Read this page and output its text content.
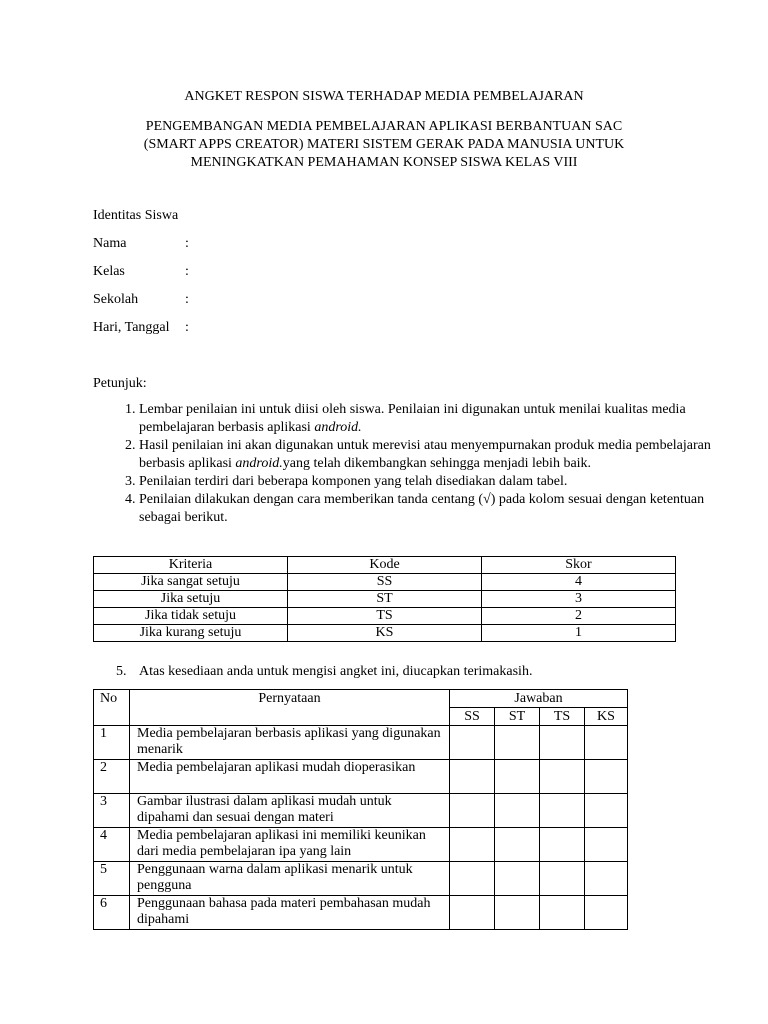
ANGKET RESPON SISWA TERHADAP MEDIA PEMBELAJARAN
PENGEMBANGAN MEDIA PEMBELAJARAN APLIKASI BERBANTUAN SAC
(SMART APPS CREATOR) MATERI SISTEM GERAK PADA MANUSIA UNTUK
MENINGKATKAN PEMAHAMAN KONSEP SISWA KELAS VIII
Identitas Siswa
Nama	:
Kelas	:
Sekolah	:
Hari, Tanggal :
Petunjuk:
1. Lembar penilaian ini untuk diisi oleh siswa. Penilaian ini digunakan untuk menilai kualitas media pembelajaran berbasis aplikasi android.
2. Hasil penilaian ini akan digunakan untuk merevisi atau menyempurnakan produk media pembelajaran berbasis aplikasi android.yang telah dikembangkan sehingga menjadi lebih baik.
3. Penilaian terdiri dari beberapa komponen yang telah disediakan dalam tabel.
4. Penilaian dilakukan dengan cara memberikan tanda centang (√) pada kolom sesuai dengan ketentuan sebagai berikut.
Kriteria	Kode	Skor
Jika sangat setuju	SS	4
Jika setuju	ST	3
Jika tidak setuju	TS	2
Jika kurang setuju	KS	1
5. Atas kesediaan anda untuk mengisi angket ini, diucapkan terimakasih.
No	Pernyataan	Jawaban			
		SS	ST	TS	KS
1	Media pembelajaran berbasis aplikasi yang digunakan menarik				
2	Media pembelajaran aplikasi mudah dioperasikan				
3	Gambar ilustrasi dalam aplikasi mudah untuk dipahami dan sesuai dengan materi				
4	Media pembelajaran aplikasi ini memiliki keunikan dari media pembelajaran ipa yang lain				
5	Penggunaan warna dalam aplikasi menarik untuk pengguna				
6	Penggunaan bahasa pada materi pembahasan mudah dipahami				
